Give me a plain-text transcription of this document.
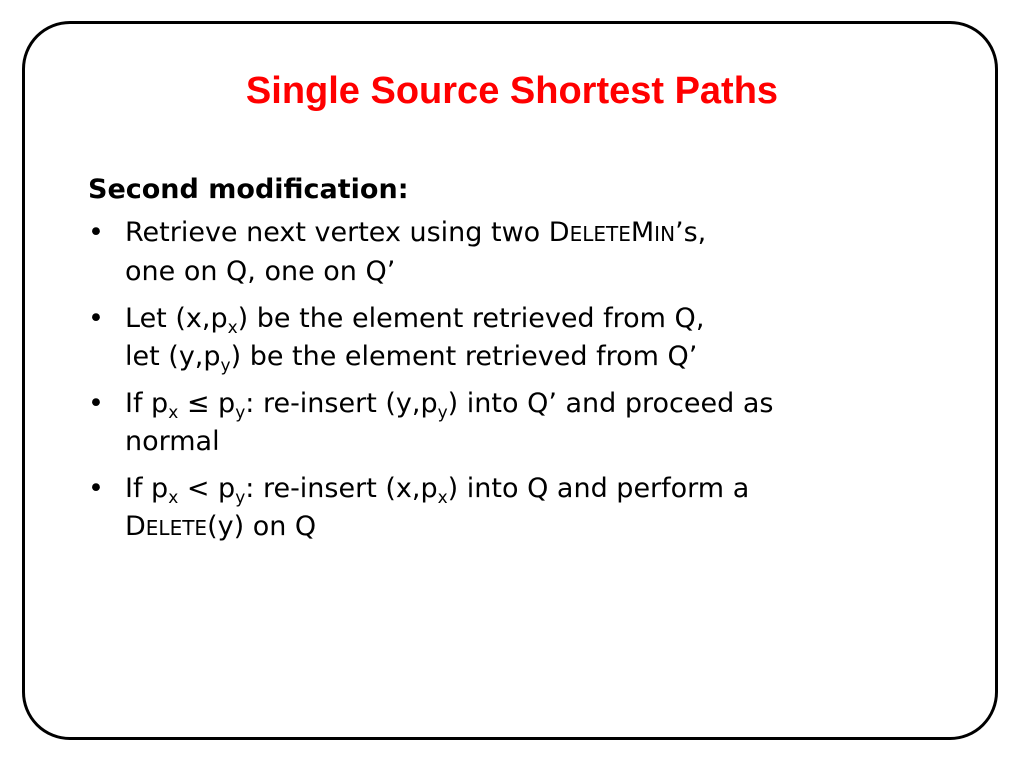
Single Source Shortest Paths
Second modification:
• Retrieve next vertex using two DELETEMIN’s,
one on Q, one on Q’
• Let $(x,p_x)$ be the element retrieved from Q,
let $(y,p_y)$ be the element retrieved from Q’
• If $p_x \le p_y$: re-insert $(y,p_y)$ into Q’ and proceed as
normal
• If $p_x < p_y$: re-insert $(x,p_x)$ into Q and perform a
DELETE(y) on Q
